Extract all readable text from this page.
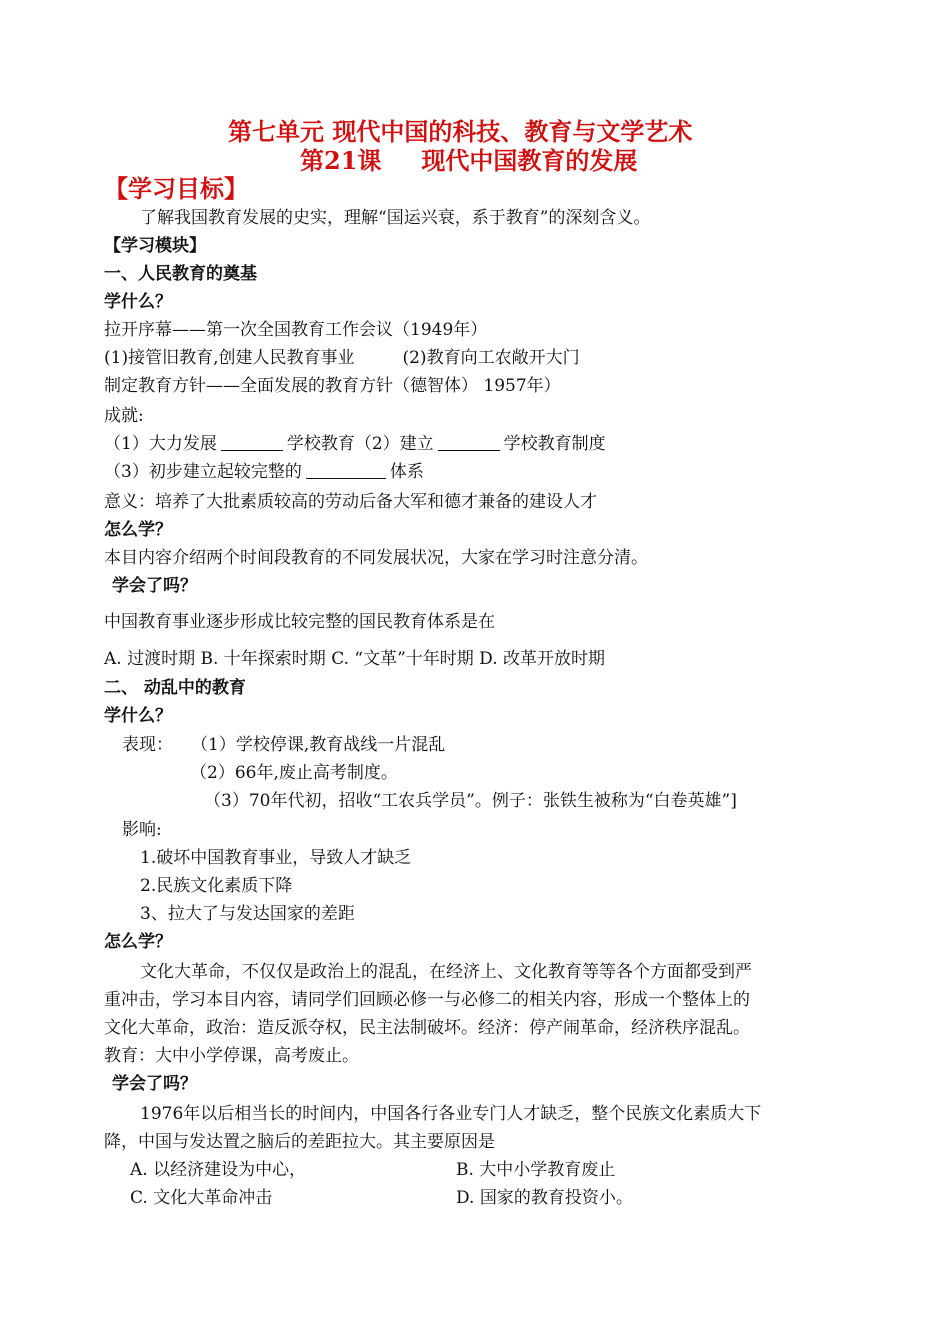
第七单元 现代中国的科技、教育与文学艺术
第21课 现代中国教育的发展
【学习目标】
了解我国教育发展的史实，理解“国运兴衰，系于教育”的深刻含义。
【学习模块】
一、人民教育的奠基
学什么？
拉开序幕——第一次全国教育工作会议（1949年）
(1)接管旧教育,创建人民教育事业	(2)教育向工农敞开大门
制定教育方针——全面发展的教育方针（德智体） 1957年）
成就:
（1）大力发展	学校教育（2）建立	学校教育制度
（3）初步建立起较完整的	体系
意义：培养了大批素质较高的劳动后备大军和德才兼备的建设人才
怎么学？
本目内容介绍两个时间段教育的不同发展状况，大家在学习时注意分清。
学会了吗？
中国教育事业逐步形成比较完整的国民教育体系是在
A. 过渡时期 B. 十年探索时期 C. “文革”十年时期 D. 改革开放时期
二、 动乱中的教育
学什么？
表现： （1）学校停课,教育战线一片混乱
（2）66年,废止高考制度。
（3）70年代初，招收“工农兵学员”。例子：张铁生被称为“白卷英雄”]
影响:
1.破坏中国教育事业，导致人才缺乏
2.民族文化素质下降
3、拉大了与发达国家的差距
怎么学？
文化大革命，不仅仅是政治上的混乱，在经济上、文化教育等等各个方面都受到严
重冲击，学习本目内容，请同学们回顾必修一与必修二的相关内容，形成一个整体上的
文化大革命，政治：造反派夺权，民主法制破坏。经济：停产闹革命，经济秩序混乱。
教育：大中小学停课，高考废止。
学会了吗？
1976年以后相当长的时间内，中国各行各业专门人才缺乏，整个民族文化素质大下
降，中国与发达置之脑后的差距拉大。其主要原因是
A. 以经济建设为中心，	B. 大中小学教育废止
C. 文化大革命冲击	D. 国家的教育投资小。
